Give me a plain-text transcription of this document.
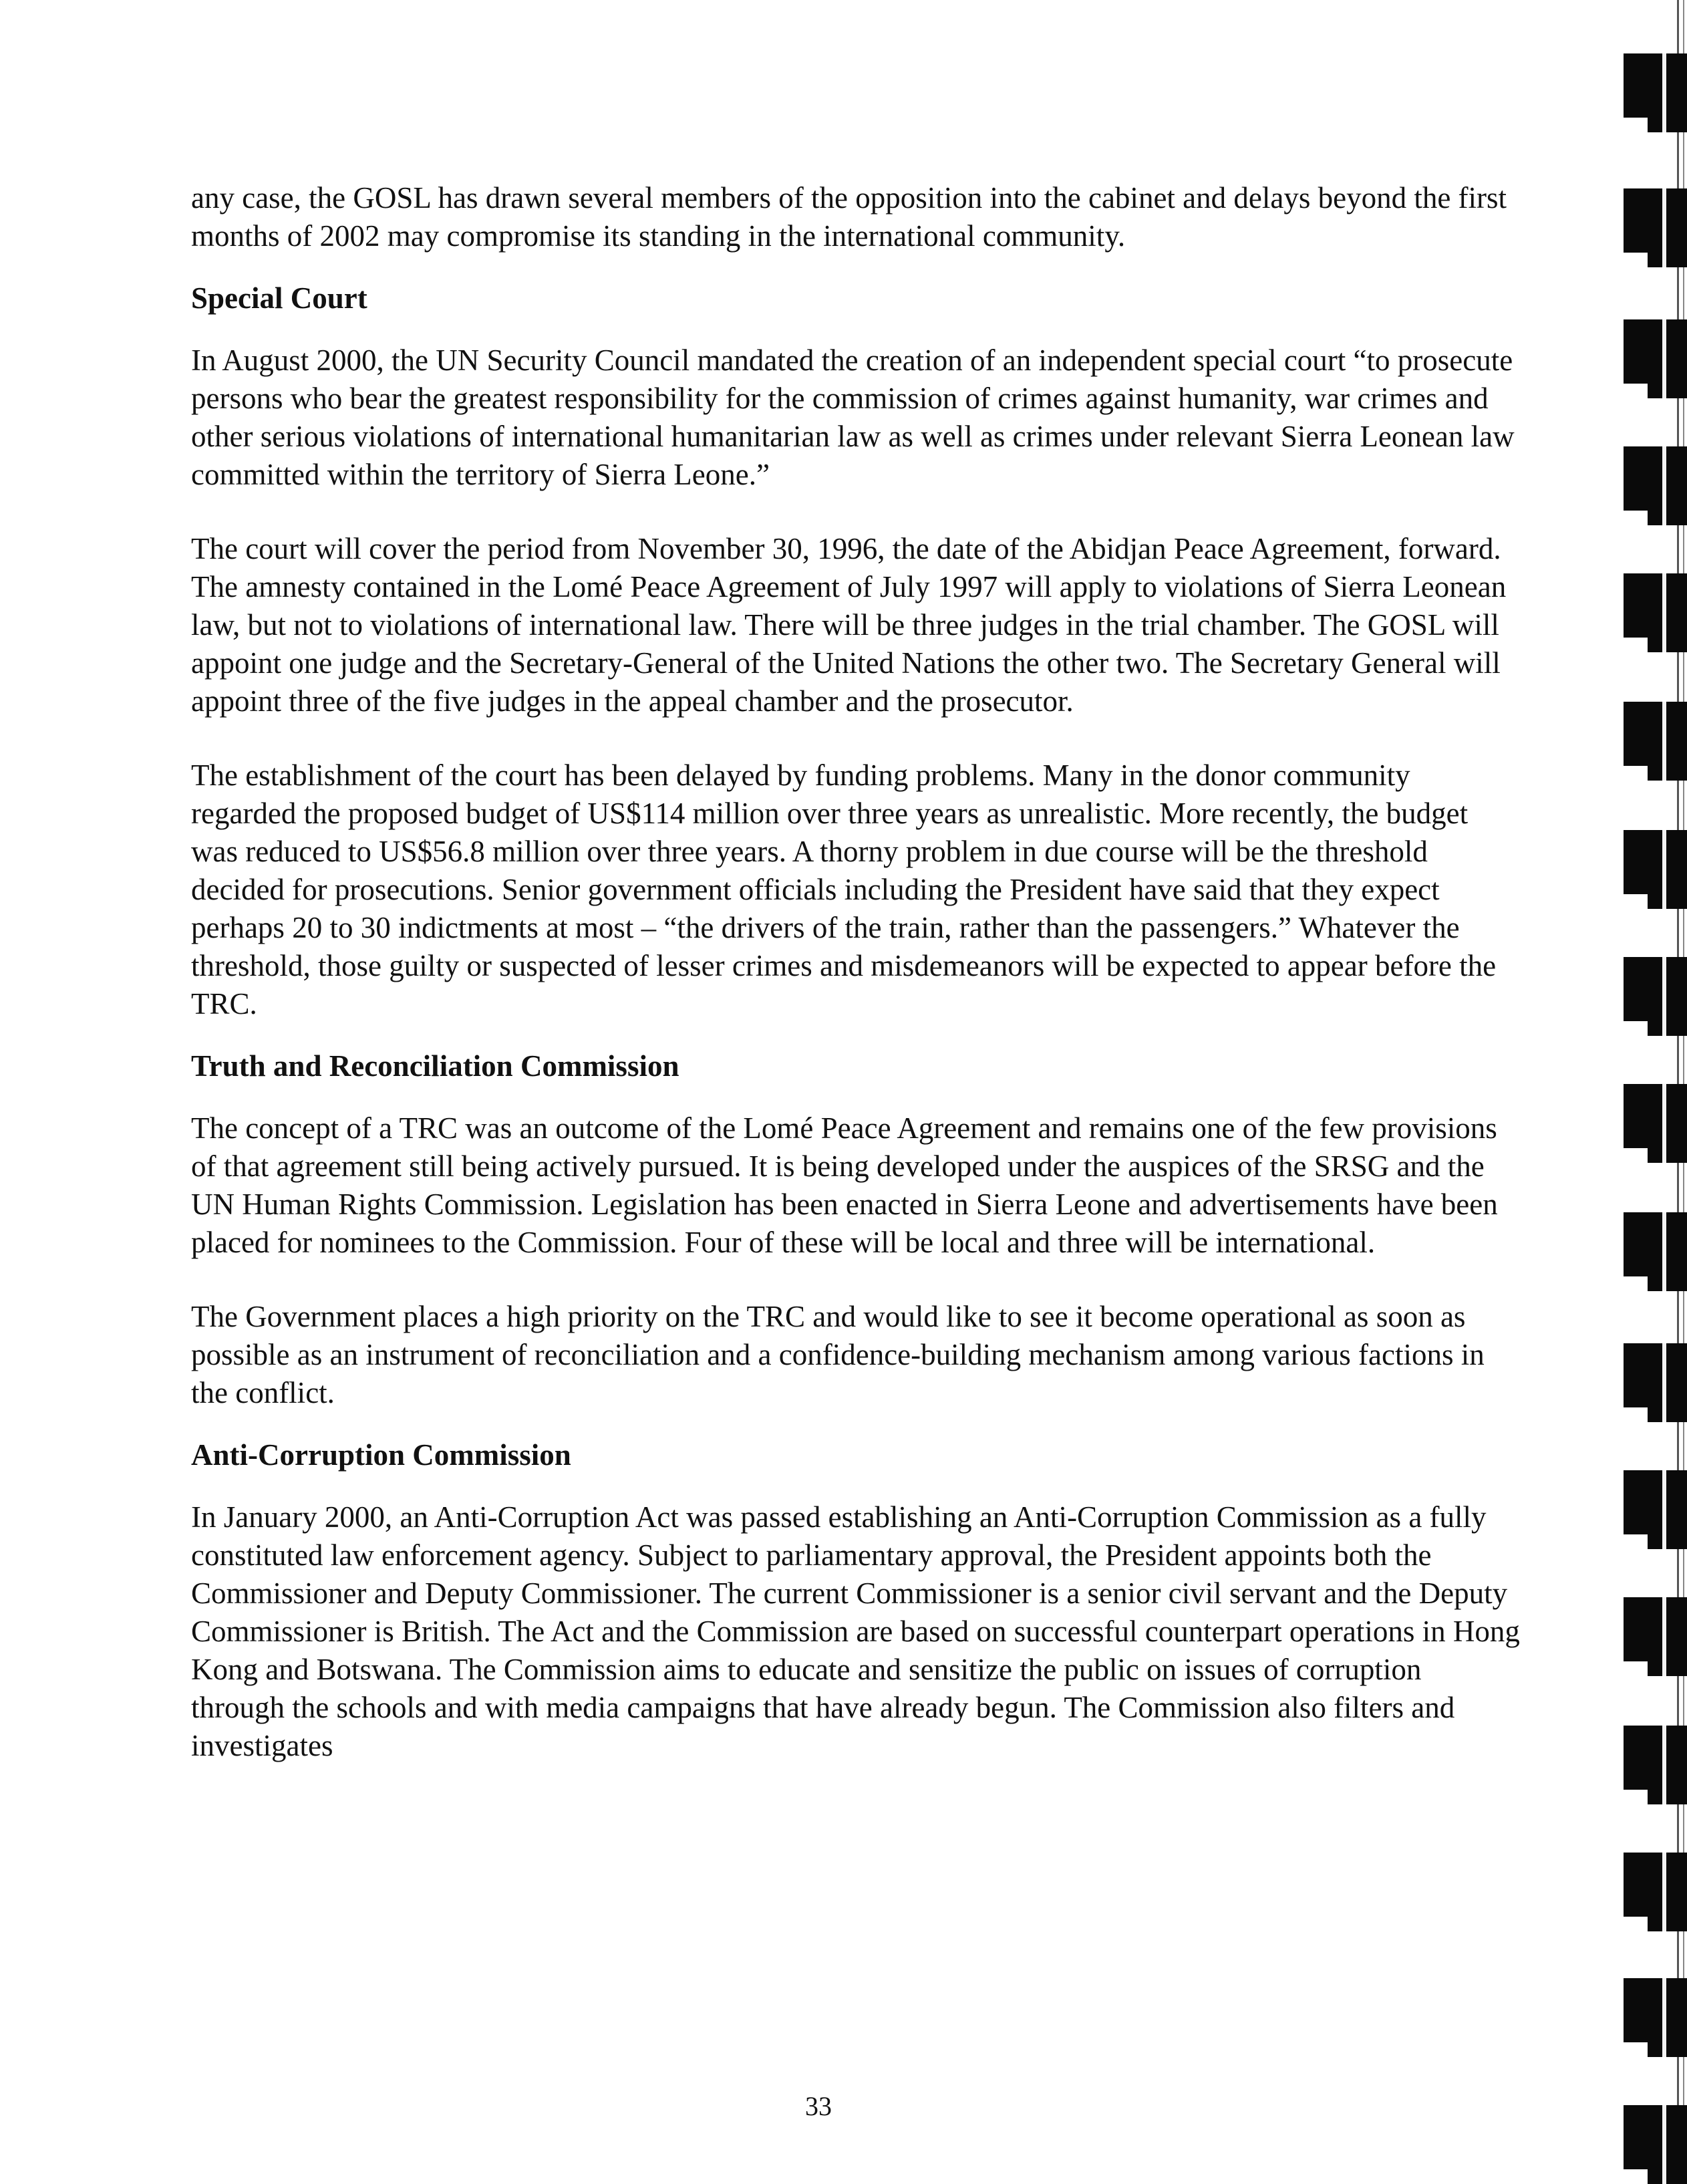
any case, the GOSL has drawn several members of the opposition into the cabinet and delays beyond the first months of 2002 may compromise its standing in the international community.

Special Court

In August 2000, the UN Security Council mandated the creation of an independent special court “to prosecute persons who bear the greatest responsibility for the commission of crimes against humanity, war crimes and other serious violations of international humanitarian law as well as crimes under relevant Sierra Leonean law committed within the territory of Sierra Leone.”

The court will cover the period from November 30, 1996, the date of the Abidjan Peace Agreement, forward. The amnesty contained in the Lomé Peace Agreement of July 1997 will apply to violations of Sierra Leonean law, but not to violations of international law. There will be three judges in the trial chamber. The GOSL will appoint one judge and the Secretary-General of the United Nations the other two. The Secretary General will appoint three of the five judges in the appeal chamber and the prosecutor.

The establishment of the court has been delayed by funding problems. Many in the donor community regarded the proposed budget of US$114 million over three years as unrealistic. More recently, the budget was reduced to US$56.8 million over three years. A thorny problem in due course will be the threshold decided for prosecutions. Senior government officials including the President have said that they expect perhaps 20 to 30 indictments at most – “the drivers of the train, rather than the passengers.” Whatever the threshold, those guilty or suspected of lesser crimes and misdemeanors will be expected to appear before the TRC.

Truth and Reconciliation Commission

The concept of a TRC was an outcome of the Lomé Peace Agreement and remains one of the few provisions of that agreement still being actively pursued. It is being developed under the auspices of the SRSG and the UN Human Rights Commission. Legislation has been enacted in Sierra Leone and advertisements have been placed for nominees to the Commission. Four of these will be local and three will be international.

The Government places a high priority on the TRC and would like to see it become operational as soon as possible as an instrument of reconciliation and a confidence-building mechanism among various factions in the conflict.

Anti-Corruption Commission

In January 2000, an Anti-Corruption Act was passed establishing an Anti-Corruption Commission as a fully constituted law enforcement agency. Subject to parliamentary approval, the President appoints both the Commissioner and Deputy Commissioner. The current Commissioner is a senior civil servant and the Deputy Commissioner is British. The Act and the Commission are based on successful counterpart operations in Hong Kong and Botswana. The Commission aims to educate and sensitize the public on issues of corruption through the schools and with media campaigns that have already begun. The Commission also filters and investigates

33
